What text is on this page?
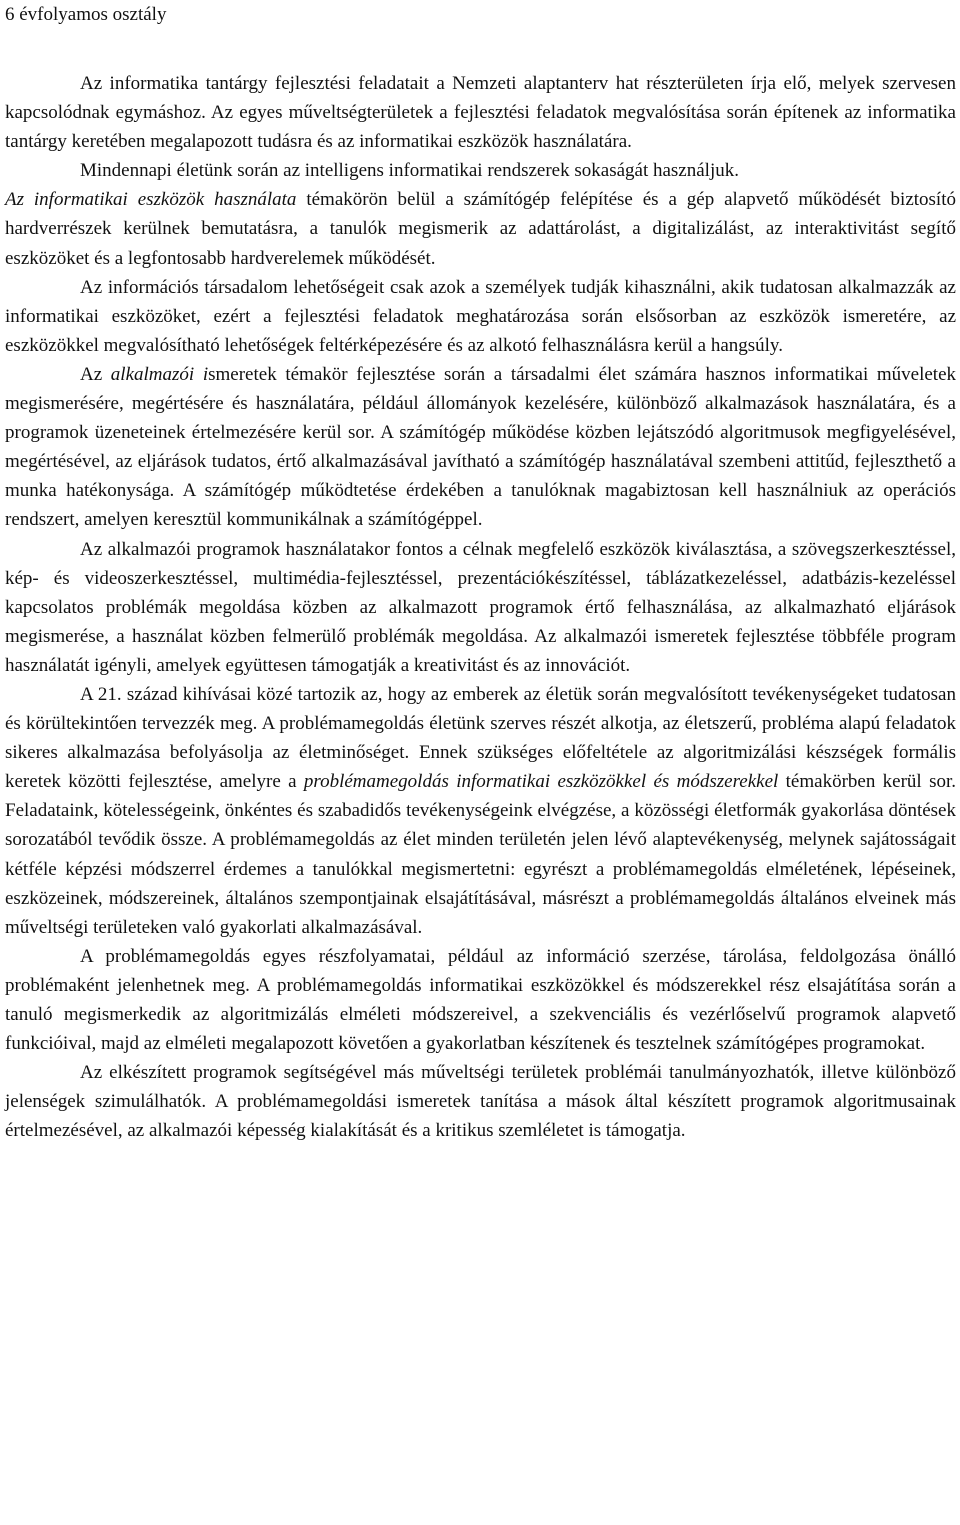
6 évfolyamos osztály

Az informatika tantárgy fejlesztési feladatait a Nemzeti alaptanterv hat részterületen írja elő, melyek szervesen kapcsolódnak egymáshoz. Az egyes műveltségterületek a fejlesztési feladatok megvalósítása során építenek az informatika tantárgy keretében megalapozott tudásra és az informatikai eszközök használatára.

Mindennapi életünk során az intelligens informatikai rendszerek sokaságát használjuk.

Az informatikai eszközök használata témakörön belül a számítógép felépítése és a gép alapvető működését biztosító hardverrészek kerülnek bemutatásra, a tanulók megismerik az adattárolást, a digitalizálást, az interaktivitást segítő eszközöket és a legfontosabb hardverelemek működését.

Az információs társadalom lehetőségeit csak azok a személyek tudják kihasználni, akik tudatosan alkalmazzák az informatikai eszközöket, ezért a fejlesztési feladatok meghatározása során elsősorban az eszközök ismeretére, az eszközökkel megvalósítható lehetőségek feltérképezésére és az alkotó felhasználásra kerül a hangsúly.

Az alkalmazói ismeretek témakör fejlesztése során a társadalmi élet számára hasznos informatikai műveletek megismerésére, megértésére és használatára, például állományok kezelésére, különböző alkalmazások használatára, és a programok üzeneteinek értelmezésére kerül sor. A számítógép működése közben lejátszódó algoritmusok megfigyelésével, megértésével, az eljárások tudatos, értő alkalmazásával javítható a számítógép használatával szembeni attitűd, fejleszthető a munka hatékonysága. A számítógép működtetése érdekében a tanulóknak magabiztosan kell használniuk az operációs rendszert, amelyen keresztül kommunikálnak a számítógéppel.

Az alkalmazói programok használatakor fontos a célnak megfelelő eszközök kiválasztása, a szövegszerkesztéssel, kép- és videoszerkesztéssel, multimédia-fejlesztéssel, prezentációkészítéssel, táblázatkezeléssel, adatbázis-kezeléssel kapcsolatos problémák megoldása közben az alkalmazott programok értő felhasználása, az alkalmazható eljárások megismerése, a használat közben felmerülő problémák megoldása. Az alkalmazói ismeretek fejlesztése többféle program használatát igényli, amelyek együttesen támogatják a kreativitást és az innovációt.

A 21. század kihívásai közé tartozik az, hogy az emberek az életük során megvalósított tevékenységeket tudatosan és körültekintően tervezzék meg. A problémamegoldás életünk szerves részét alkotja, az életszerű, probléma alapú feladatok sikeres alkalmazása befolyásolja az életminőséget. Ennek szükséges előfeltétele az algoritmizálási készségek formális keretek közötti fejlesztése, amelyre a problémamegoldás informatikai eszközökkel és módszerekkel témakörben kerül sor. Feladataink, kötelességeink, önkéntes és szabadidős tevékenységeink elvégzése, a közösségi életformák gyakorlása döntések sorozatából tevődik össze. A problémamegoldás az élet minden területén jelen lévő alaptevékenység, melynek sajátosságait kétféle képzési módszerrel érdemes a tanulókkal megismertetni: egyrészt a problémamegoldás elméletének, lépéseinek, eszközeinek, módszereinek, általános szempontjainak elsajátításával, másrészt a problémamegoldás általános elveinek más műveltségi területeken való gyakorlati alkalmazásával.

A problémamegoldás egyes részfolyamatai, például az információ szerzése, tárolása, feldolgozása önálló problémaként jelenhetnek meg. A problémamegoldás informatikai eszközökkel és módszerekkel rész elsajátítása során a tanuló megismerkedik az algoritmizálás elméleti módszereivel, a szekvenciális és vezérlőselvű programok alapvető funkcióival, majd az elméleti megalapozott követően a gyakorlatban készítenek és tesztelnek számítógépes programokat.

Az elkészített programok segítségével más műveltségi területek problémái tanulmányozhatók, illetve különböző jelenségek szimulálhatók. A problémamegoldási ismeretek tanítása a mások által készített programok algoritmusainak értelmezésével, az alkalmazói képesség kialakítását és a kritikus szemléletet is támogatja.
